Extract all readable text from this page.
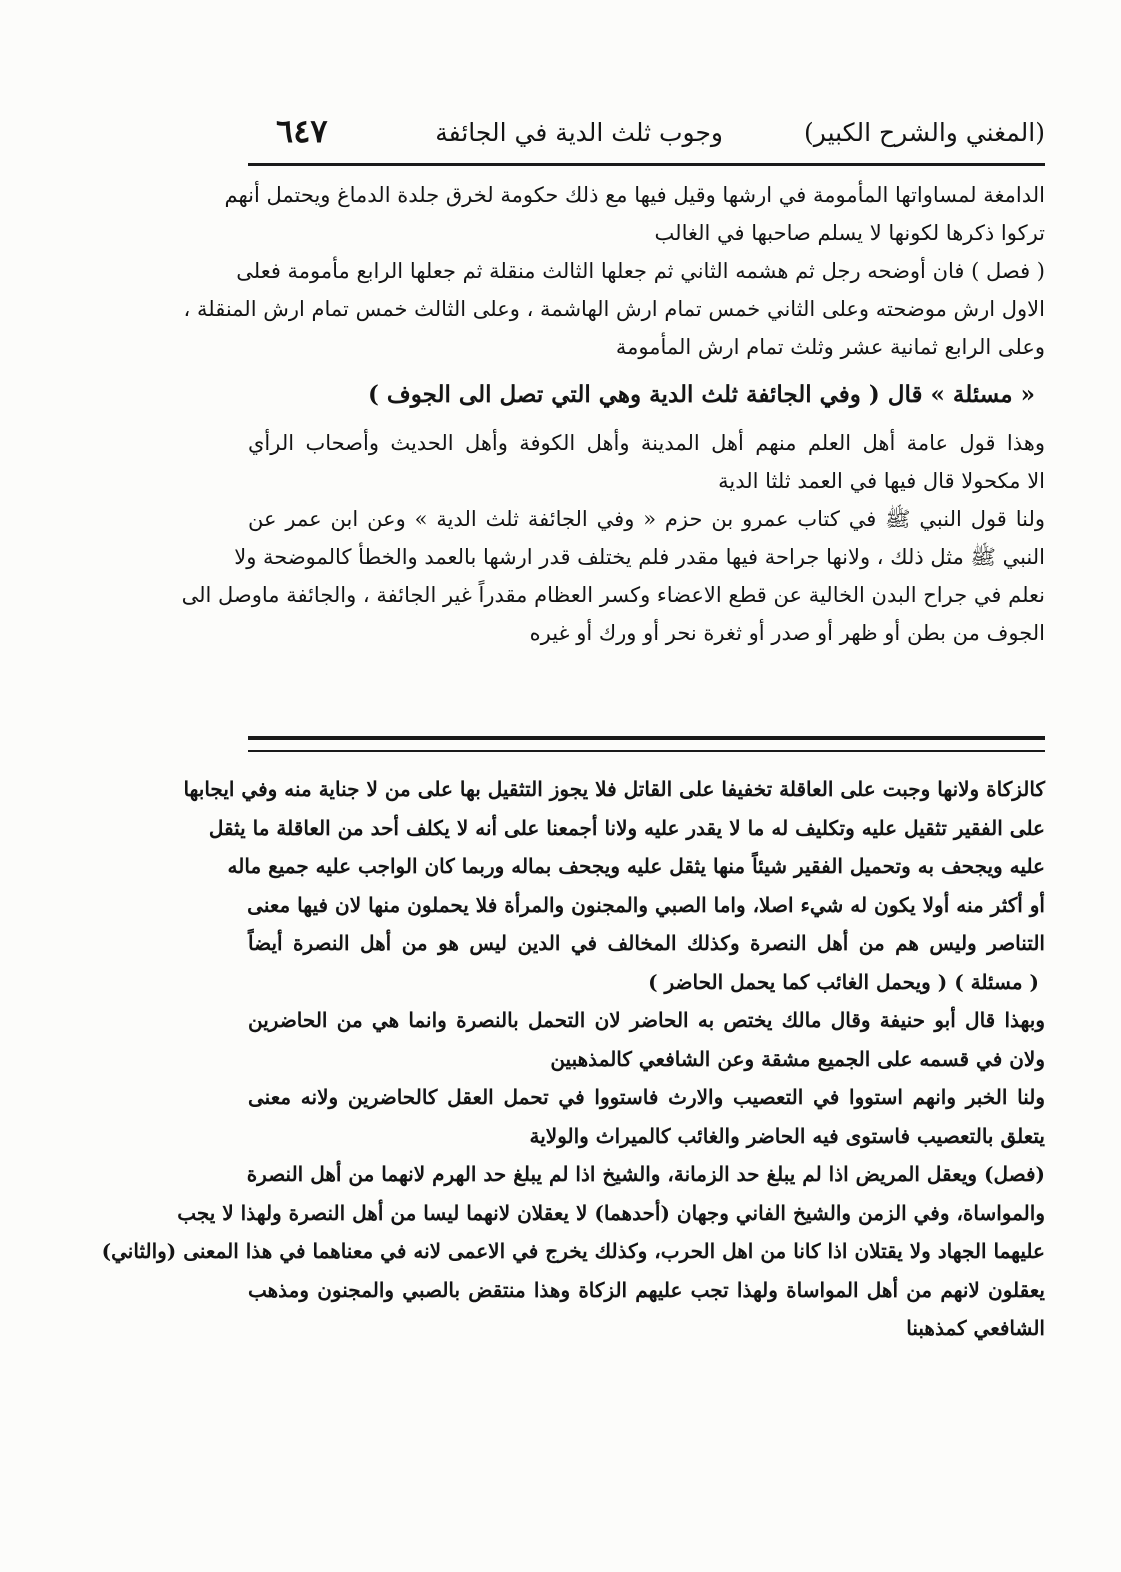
(المغني والشرح الكبير)
وجوب ثلث الدية في الجائفة
٦٤٧
الدامغة لمساواتها المأمومة في ارشها وقيل فيها مع ذلك حكومة لخرق جلدة الدماغ ويحتمل أنهم
تركوا ذكرها لكونها لا يسلم صاحبها في الغالب
( فصل ) فان أوضحه رجل ثم هشمه الثاني ثم جعلها الثالث منقلة ثم جعلها الرابع مأمومة فعلى
الاول ارش موضحته وعلى الثاني خمس تمام ارش الهاشمة ، وعلى الثالث خمس تمام ارش المنقلة ،
وعلى الرابع ثمانية عشر وثلث تمام ارش المأمومة
« مسئلة » قال ( وفي الجائفة ثلث الدية وهي التي تصل الى الجوف )
وهذا قول عامة أهل العلم منهم أهل المدينة وأهل الكوفة وأهل الحديث وأصحاب الرأي
الا مكحولا قال فيها في العمد ثلثا الدية
ولنا قول النبي ﷺ في كتاب عمرو بن حزم « وفي الجائفة ثلث الدية » وعن ابن عمر عن
النبي ﷺ مثل ذلك ، ولانها جراحة فيها مقدر فلم يختلف قدر ارشها بالعمد والخطأ كالموضحة ولا
نعلم في جراح البدن الخالية عن قطع الاعضاء وكسر العظام مقدراً غير الجائفة ، والجائفة ماوصل الى
الجوف من بطن أو ظهر أو صدر أو ثغرة نحر أو ورك أو غيره
كالزكاة ولانها وجبت على العاقلة تخفيفا على القاتل فلا يجوز التثقيل بها على من لا جناية منه وفي ايجابها
على الفقير تثقيل عليه وتكليف له ما لا يقدر عليه ولانا أجمعنا على أنه لا يكلف أحد من العاقلة ما يثقل
عليه ويجحف به وتحميل الفقير شيئاً منها يثقل عليه ويجحف بماله وربما كان الواجب عليه جميع ماله
أو أكثر منه أولا يكون له شيء اصلا، واما الصبي والمجنون والمرأة فلا يحملون منها لان فيها معنى
التناصر وليس هم من أهل النصرة وكذلك المخالف في الدين ليس هو من أهل النصرة أيضاً
( مسئلة ) ( ويحمل الغائب كما يحمل الحاضر )
وبهذا قال أبو حنيفة وقال مالك يختص به الحاضر لان التحمل بالنصرة وانما هي من الحاضرين
ولان في قسمه على الجميع مشقة وعن الشافعي كالمذهبين
ولنا الخبر وانهم استووا في التعصيب والارث فاستووا في تحمل العقل كالحاضرين ولانه معنى
يتعلق بالتعصيب فاستوى فيه الحاضر والغائب كالميراث والولاية
(فصل) ويعقل المريض اذا لم يبلغ حد الزمانة، والشيخ اذا لم يبلغ حد الهرم لانهما من أهل النصرة
والمواساة، وفي الزمن والشيخ الفاني وجهان (أحدهما) لا يعقلان لانهما ليسا من أهل النصرة ولهذا لا يجب
عليهما الجهاد ولا يقتلان اذا كانا من اهل الحرب، وكذلك يخرج في الاعمى لانه في معناهما في هذا المعنى (والثاني)
يعقلون لانهم من أهل المواساة ولهذا تجب عليهم الزكاة وهذا منتقض بالصبي والمجنون ومذهب
الشافعي كمذهبنا
